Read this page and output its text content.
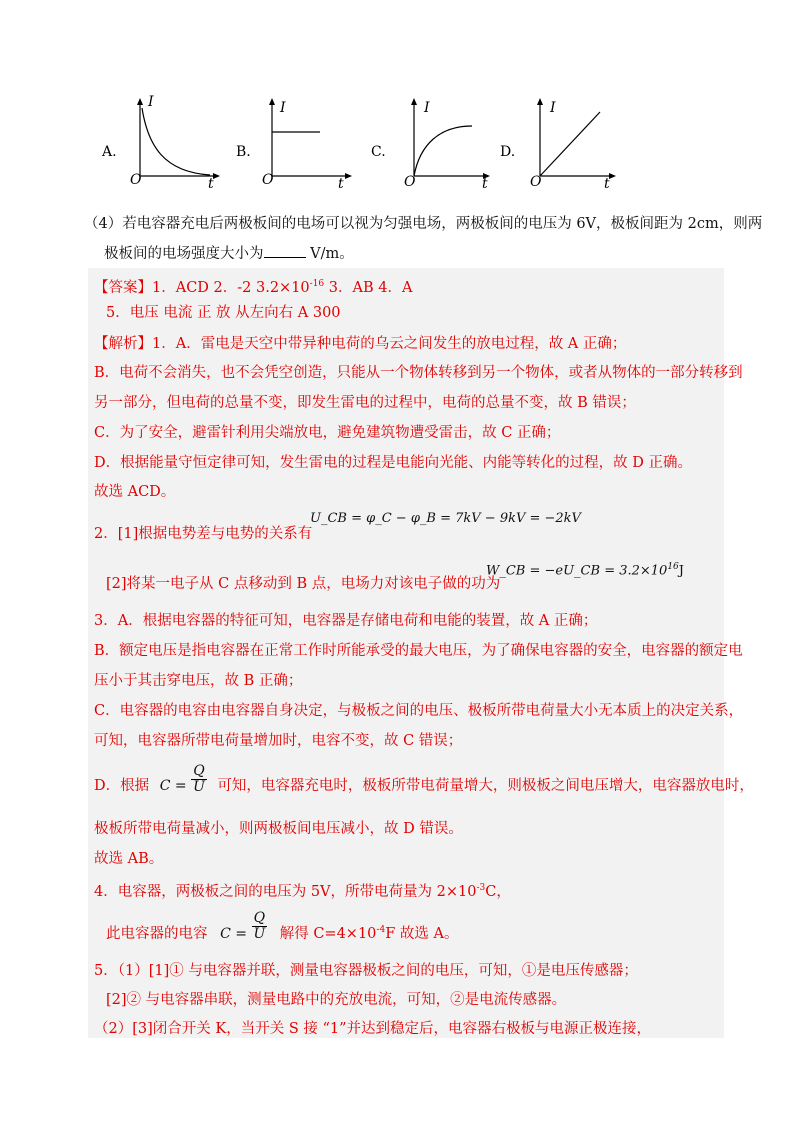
A.
I
O	t
B.
I
O	t
C.
I
O	t
D.
I
O	t
（4）若电容器充电后两极板间的电场可以视为匀强电场，两极板间的电压为 6V，极板间距为 2cm，则两
极板间的电场强度大小为	V/m。
【答案】1．ACD 2．-2 $3.2\times 10^{-16}$ 3．AB 4．A
5．电压 电流 正 放 从左向右 A 300
【解析】1．A．雷电是天空中带异种电荷的乌云之间发生的放电过程，故 A 正确；
B．电荷不会消失，也不会凭空创造，只能从一个物体转移到另一个物体，或者从物体的一部分转移到
另一部分，但电荷的总量不变，即发生雷电的过程中，电荷的总量不变，故 B 错误；
C．为了安全，避雷针利用尖端放电，避免建筑物遭受雷击，故 C 正确；
D．根据能量守恒定律可知，发生雷电的过程是电能向光能、内能等转化的过程，故 D 正确。
故选 ACD。
2．[1]根据电势差与电势的关系有
U_CB = φ_C − φ_B = 7kV − 9kV = −2kV
[2]将某一电子从 C 点移动到 B 点，电场力对该电子做的功为
W_CB = −eU_CB = $3.2\times 10^{16}J$
3．A．根据电容器的特征可知，电容器是存储电荷和电能的装置，故 A 正确；
B．额定电压是指电容器在正常工作时所能承受的最大电压，为了确保电容器的安全，电容器的额定电
压小于其击穿电压，故 B 正确；
C．电容器的电容由电容器自身决定，与极板之间的电压、极板所带电荷量大小无本质上的决定关系，
可知，电容器所带电荷量增加时，电容不变，故 C 错误；
D．根据 $C = \frac{Q}{U}$ 可知，电容器充电时，极板所带电荷量增大，则极板之间电压增大，电容器放电时，
极板所带电荷量减小，则两极板间电压减小，故 D 错误。
故选 AB。
4．电容器，两极板之间的电压为 5V，所带电荷量为 $2\times 10^{-3}C$，
此电容器的电容 $C = \frac{Q}{U}$ 解得 $C=4\times 10^{-4}F$ 故选 A。
5．（1）[1]① 与电容器并联，测量电容器极板之间的电压，可知，①是电压传感器；
[2]② 与电容器串联，测量电路中的充放电流，可知，②是电流传感器。
（2）[3]闭合开关 K，当开关 S 接 “1”并达到稳定后，电容器右极板与电源正极连接，
